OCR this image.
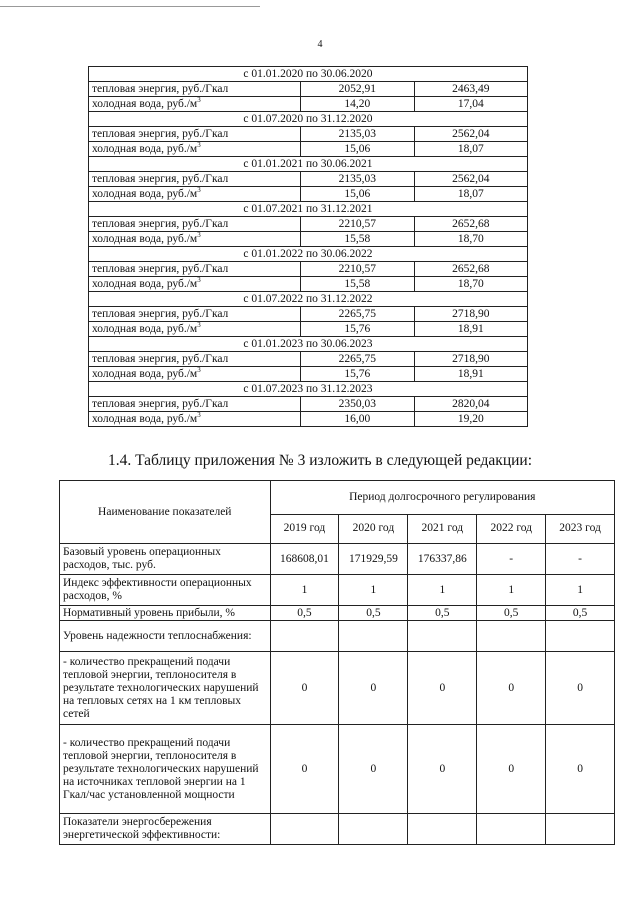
4
с 01.01.2020 по 30.06.2020		
тепловая энергия, руб./Гкал	2052,91	2463,49
холодная вода, $руб./м^3$	14,20	17,04
с 01.07.2020 по 31.12.2020		
тепловая энергия, руб./Гкал	2135,03	2562,04
холодная вода, $руб./м^3$	15,06	18,07
с 01.01.2021 по 30.06.2021		
тепловая энергия, руб./Гкал	2135,03	2562,04
холодная вода, $руб./м^3$	15,06	18,07
с 01.07.2021 по 31.12.2021		
тепловая энергия, руб./Гкал	2210,57	2652,68
холодная вода, $руб./м^3$	15,58	18,70
с 01.01.2022 по 30.06.2022		
тепловая энергия, руб./Гкал	2210,57	2652,68
холодная вода, $руб./м^3$	15,58	18,70
с 01.07.2022 по 31.12.2022		
тепловая энергия, руб./Гкал	2265,75	2718,90
холодная вода, $руб./м^3$	15,76	18,91
с 01.01.2023 по 30.06.2023		
тепловая энергия, руб./Гкал	2265,75	2718,90
холодная вода, $руб./м^3$	15,76	18,91
с 01.07.2023 по 31.12.2023		
тепловая энергия, руб./Гкал	2350,03	2820,04
холодная вода, $руб./м^3$	16,00	19,20
1.4. Таблицу приложения № 3 изложить в следующей редакции:
Наименование показателей	Период долгосрочного регулирования				
	2019 год	2020 год	2021 год	2022 год	2023 год
Базовый уровень операционных расходов, тыс. руб.	168608,01	171929,59	176337,86	-	-
Индекс эффективности операционных расходов, %	1	1	1	1	1
Нормативный уровень прибыли, %	0,5	0,5	0,5	0,5	0,5
Уровень надежности теплоснабжения:					
- количество прекращений подачи тепловой энергии, теплоносителя в результате технологических нарушений на тепловых сетях на 1 км тепловых сетей	0	0	0	0	0
- количество прекращений подачи тепловой энергии, теплоносителя в результате технологических нарушений на источниках тепловой энергии на 1 Гкал/час установленной мощности	0	0	0	0	0
Показатели энергосбережения энергетической эффективности:					
